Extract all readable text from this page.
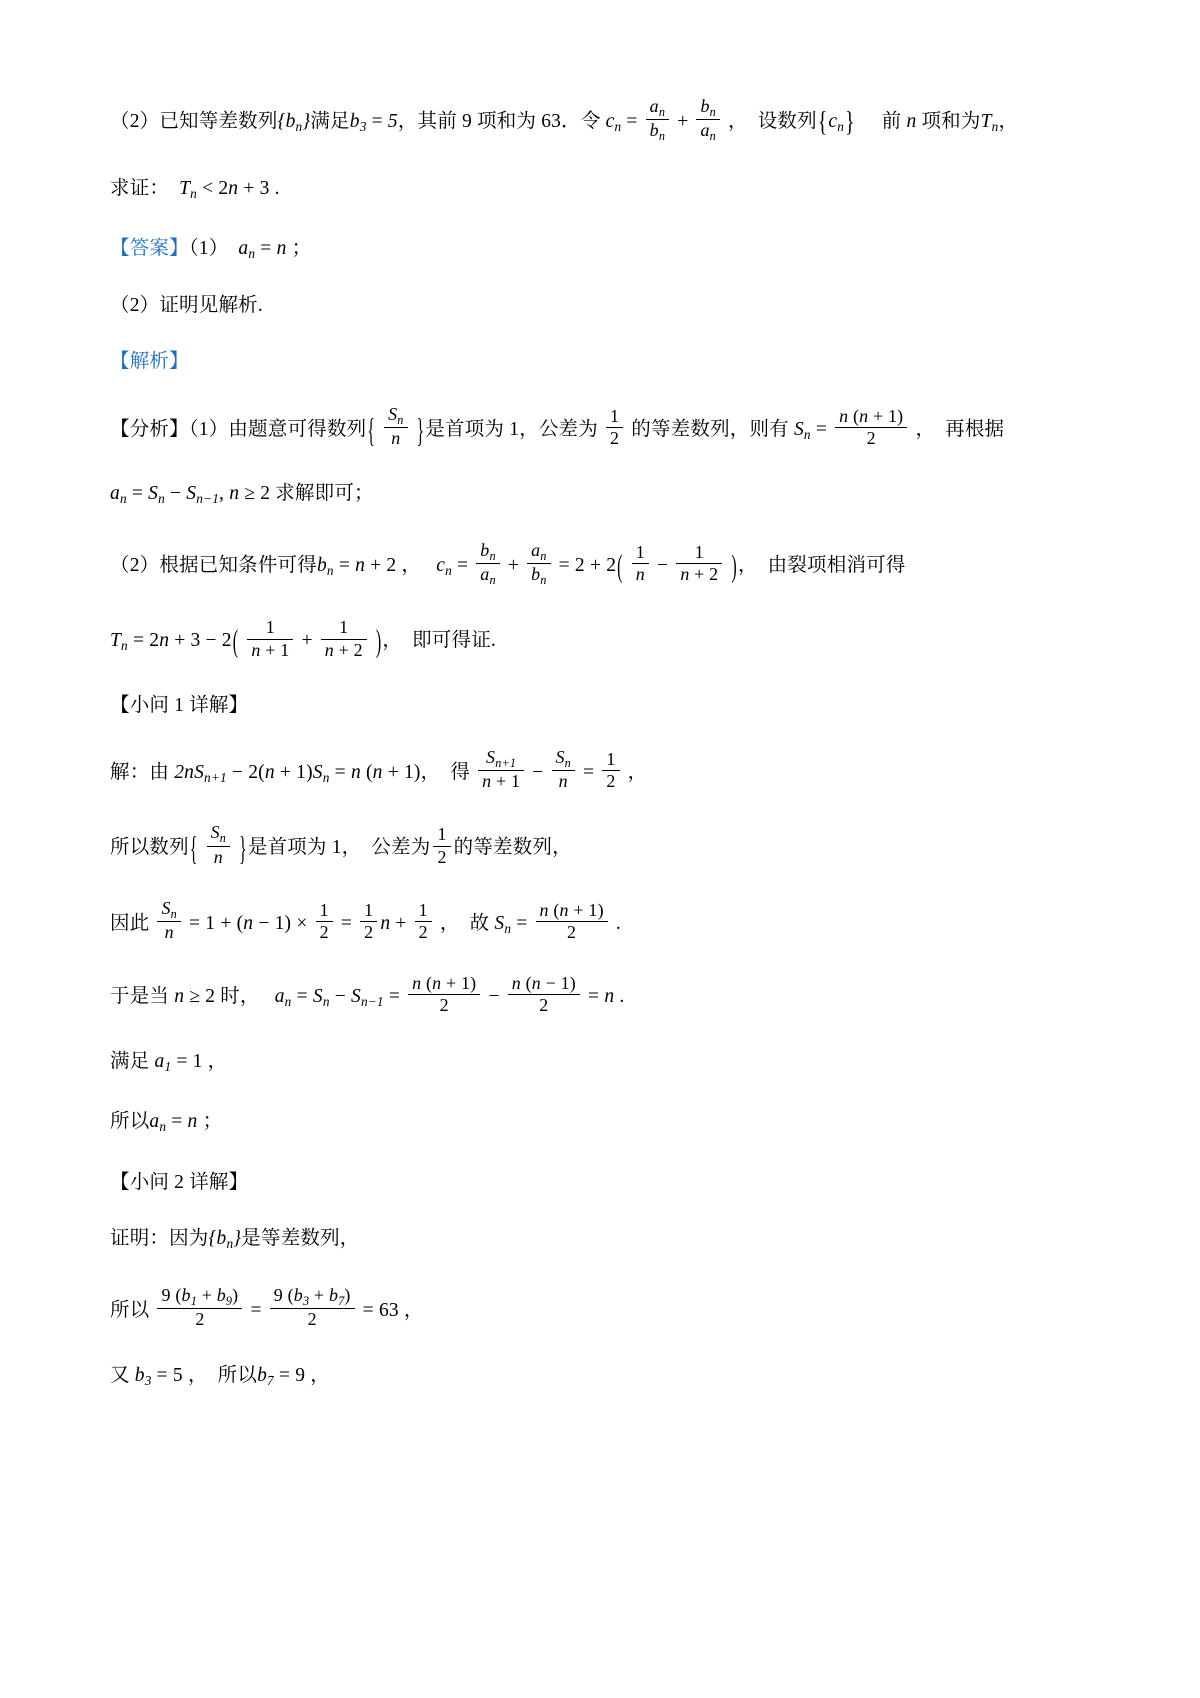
（2）已知等差数列$\{b_n\}$满足$b_3 = 5$，其前 9 项和为 63．令 $c_n = \frac{a_n}{b_n} + \frac{b_n}{a_n}$ ， 设数列$\{c_n\}$ 前 n 项和为$T_n$，
求证： $T_n < 2n + 3$ .
【答案】（1） $a_n = n$ ；
（2）证明见解析.
【解析】
【分析】（1）由题意可得数列{ $\frac{S_n}{n}$ }是首项为 1，公差为 $\frac{1}{2}$ 的等差数列，则有 $S_n = \frac{n (n + 1)}{2}$ ， 再根据
$a_n = S_n - S_{n-1}$, n ≥ 2 求解即可；
（2）根据已知条件可得$b_n = n + 2$ ， $c_n = \frac{b_n}{a_n} + \frac{a_n}{b_n} = 2 + 2( \frac{1}{n} - \frac{1}{n + 2}$ )， 由裂项相消可得
$T_n = 2n + 3 - 2( \frac{1}{n + 1} + \frac{1}{n + 2}$ )， 即可得证.
【小问 1 详解】
解：由 $2nS_{n+1} - 2(n + 1)S_n = n$ (n + 1)， 得 $\frac{S_{n+1}}{n + 1} - \frac{S_n}{n} = \frac{1}{2}$ ，
所以数列{ $\frac{S_n}{n}$ }是首项为 1， 公差为 $\frac{1}{2}$ 的等差数列，
因此 $\frac{S_n}{n} = 1 + (n - 1) \times \frac{1}{2} = \frac{1}{2}$ $n + \frac{1}{2}$ ， 故 $S_n = \frac{n (n + 1)}{2}$ .
于是当 n ≥ 2 时， $a_n = S_n - S_{n-1} = \frac{n (n + 1)}{2} - \frac{n (n - 1)}{2} = n$ .
满足 $a_1 = 1$ ，
所以$a_n = n$ ；
【小问 2 详解】
证明：因为$\{b_n\}$是等差数列，
所以 $\frac{9 (b_1 + b_9)}{2} = \frac{9 (b_3 + b_7)}{2} = 63$ ，
又 $b_3 = 5$ ， 所以$b_7 = 9$ ，
